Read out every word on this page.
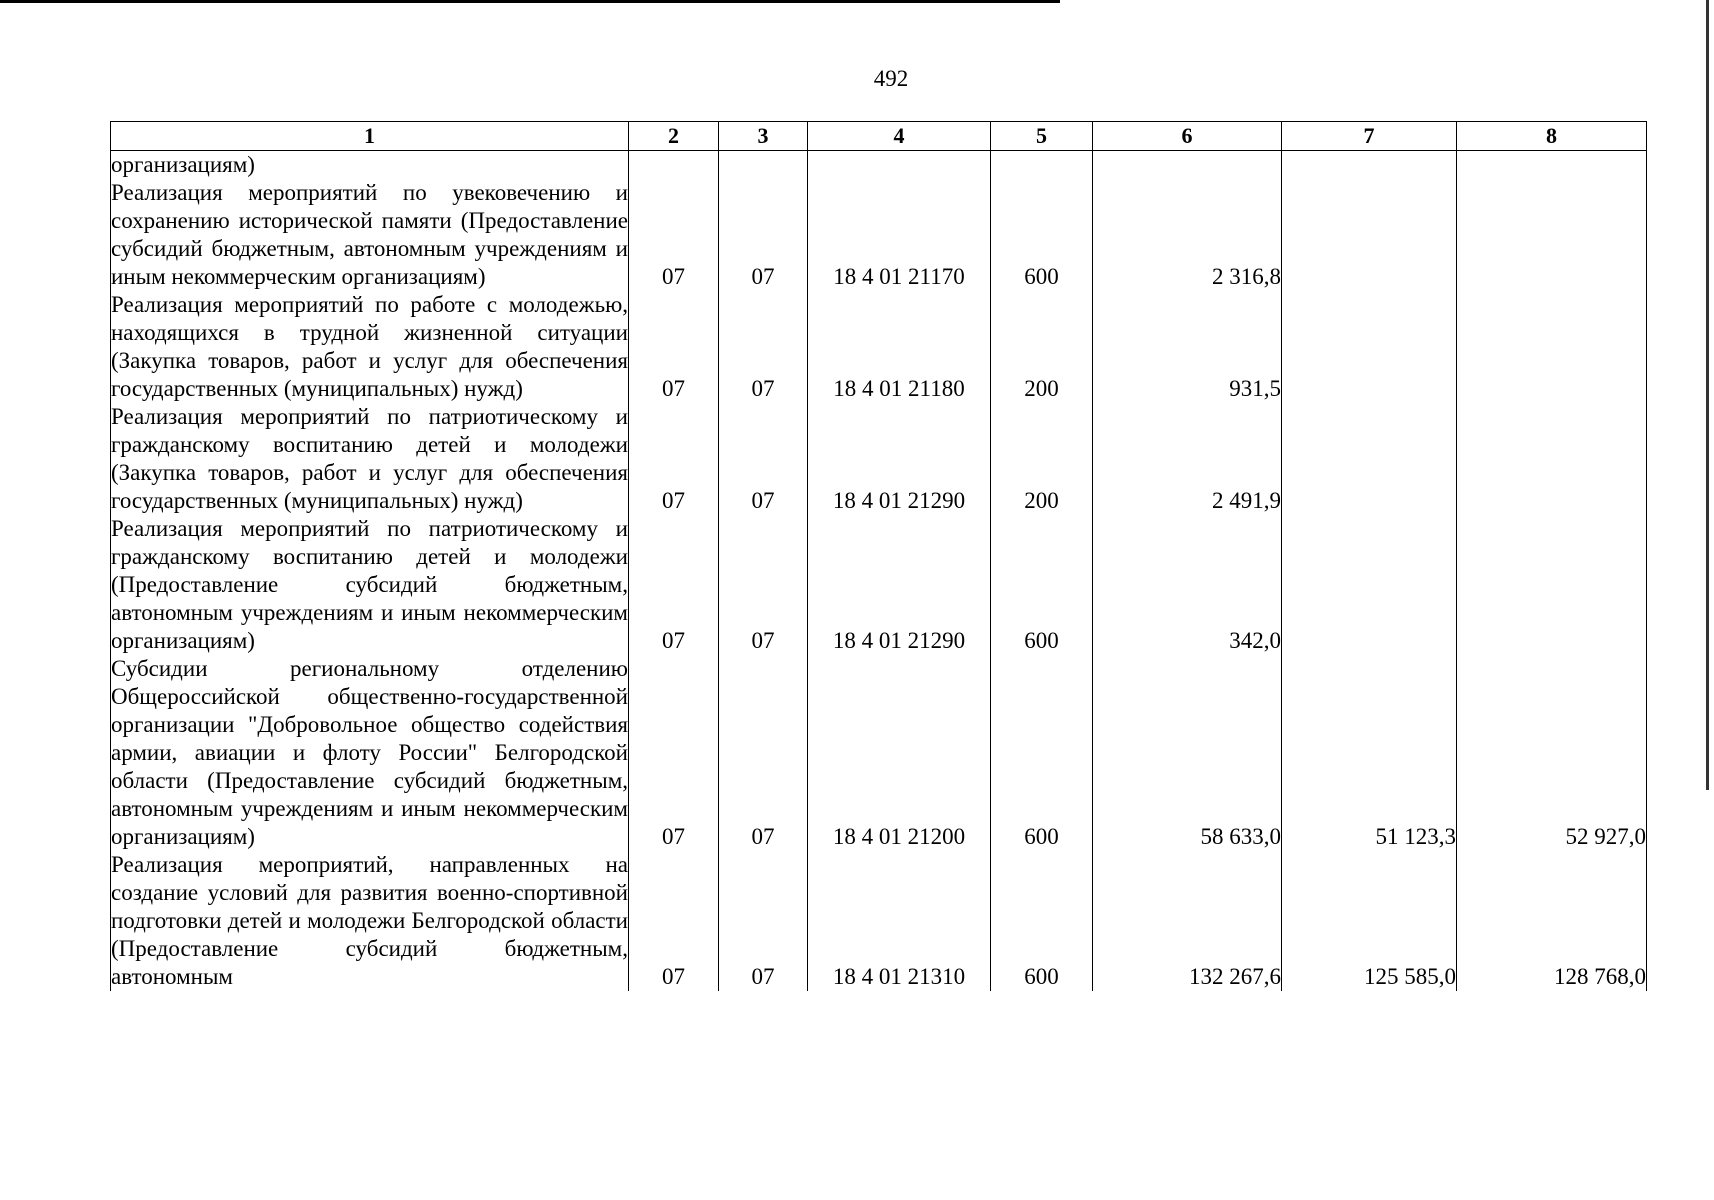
492
1	2	3	4	5	6	7	8
организациям)							
Реализация мероприятий по увековечению и сохранению исторической памяти (Предоставление субсидий бюджетным, автономным учреждениям и иным некоммерческим организациям)	07	07	18 4 01 21170	600	2 316,8		
Реализация мероприятий по работе с молодежью, находящихся в трудной жизненной ситуации (Закупка товаров, работ и услуг для обеспечения государственных (муниципальных) нужд)	07	07	18 4 01 21180	200	931,5		
Реализация мероприятий по патриотическому и гражданскому воспитанию детей и молодежи (Закупка товаров, работ и услуг для обеспечения государственных (муниципальных) нужд)	07	07	18 4 01 21290	200	2 491,9		
Реализация мероприятий по патриотическому и гражданскому воспитанию детей и молодежи (Предоставление субсидий бюджетным, автономным учреждениям и иным некоммерческим организациям)	07	07	18 4 01 21290	600	342,0		
Субсидии региональному отделению Общероссийской общественно-государственной организации "Добровольное общество содействия армии, авиации и флоту России" Белгородской области (Предоставление субсидий бюджетным, автономным учреждениям и иным некоммерческим организациям)	07	07	18 4 01 21200	600	58 633,0	51 123,3	52 927,0
Реализация мероприятий, направленных на создание условий для развития военно-спортивной подготовки детей и молодежи Белгородской области (Предоставление субсидий бюджетным, автономным	07	07	18 4 01 21310	600	132 267,6	125 585,0	128 768,0
